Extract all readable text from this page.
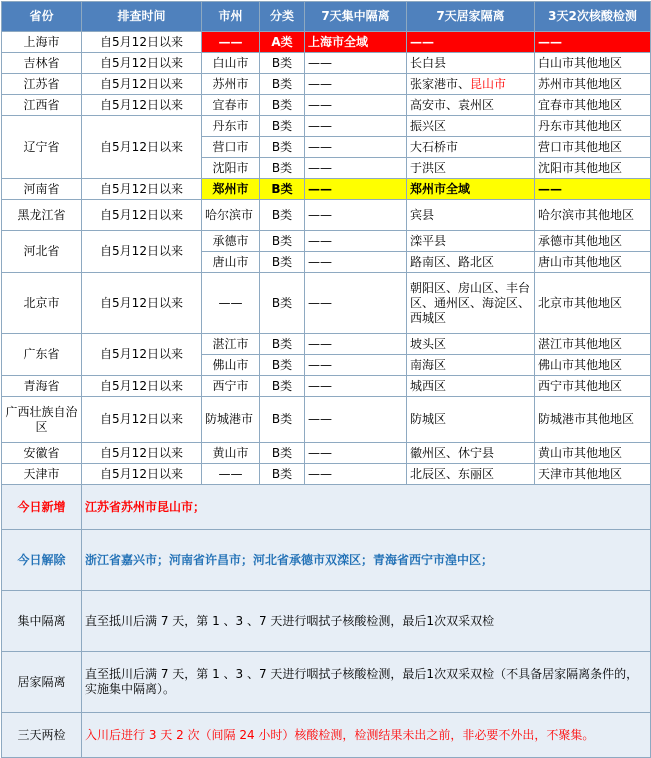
省份	排查时间	市州	分类	7天集中隔离	7天居家隔离	3天2次核酸检测
上海市	自5月12日以来	——	A类	上海市全域	——	——
吉林省	自5月12日以来	白山市	B类	——	长白县	白山市其他地区
江苏省	自5月12日以来	苏州市	B类	——	张家港市、昆山市	苏州市其他地区
江西省	自5月12日以来	宜春市	B类	——	高安市、袁州区	宜春市其他地区
辽宁省	自5月12日以来	丹东市	B类	——	振兴区	丹东市其他地区
		营口市	B类	——	大石桥市	营口市其他地区
		沈阳市	B类	——	于洪区	沈阳市其他地区
河南省	自5月12日以来	郑州市	B类	——	郑州市全域	——
黑龙江省	自5月12日以来	哈尔滨市	B类	——	宾县	哈尔滨市其他地区
河北省	自5月12日以来	承德市	B类	——	滦平县	承德市其他地区
		唐山市	B类	——	路南区、路北区	唐山市其他地区
北京市	自5月12日以来	——	B类	——	朝阳区、房山区、丰台区、通州区、海淀区、西城区	北京市其他地区
广东省	自5月12日以来	湛江市	B类	——	坡头区	湛江市其他地区
		佛山市	B类	——	南海区	佛山市其他地区
青海省	自5月12日以来	西宁市	B类	——	城西区	西宁市其他地区
广西壮族自治区	自5月12日以来	防城港市	B类	——	防城区	防城港市其他地区
安徽省	自5月12日以来	黄山市	B类	——	徽州区、休宁县	黄山市其他地区
天津市	自5月12日以来	——	B类	——	北辰区、东丽区	天津市其他地区
今日新增	江苏省苏州市昆山市；					
今日解除	浙江省嘉兴市；河南省许昌市；河北省承德市双滦区；青海省西宁市湟中区；					
集中隔离	直至抵川后满 7 天，第 1 、3 、7 天进行咽拭子核酸检测，最后1次双采双检					
居家隔离	直至抵川后满 7 天，第 1 、3 、7 天进行咽拭子核酸检测，最后1次双采双检（不具备居家隔离条件的，实施集中隔离）。					
三天两检	入川后进行 3 天 2 次（间隔 24 小时）核酸检测，检测结果未出之前，非必要不外出，不聚集。					
